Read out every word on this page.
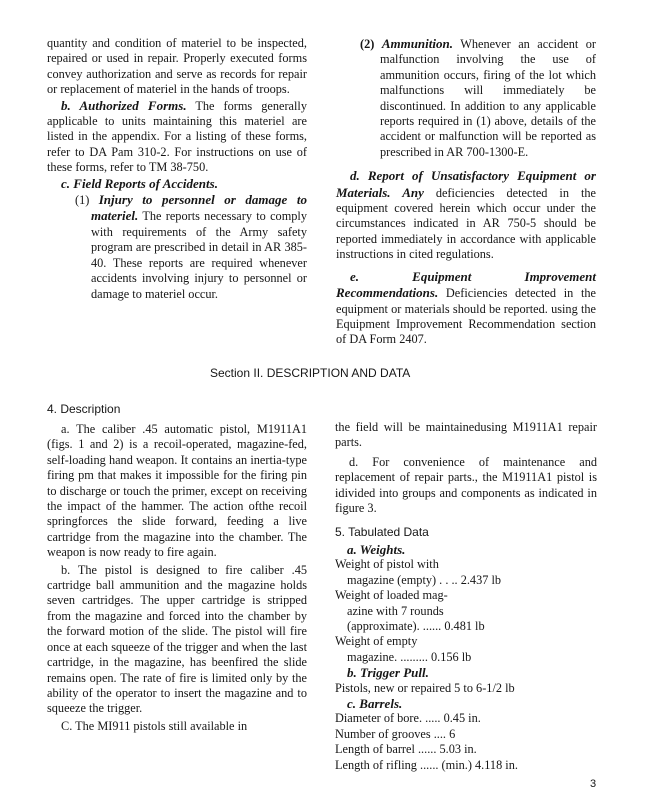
quantity and condition of materiel to be inspected, repaired or used in repair. Properly executed forms convey authorization and serve as records for repair or replacement of materiel in the hands of troops.

b. Authorized Forms. The forms generally applicable to units maintaining this materiel are listed in the appendix. For a listing of these forms, refer to DA Pam 310-2. For instructions on use of these forms, refer to TM 38-750.

c. Field Reports of Accidents.

(1) Injury to personnel or damage to materiel. The reports necessary to comply with requirements of the Army safety program are prescribed in detail in AR 385-40. These reports are required whenever accidents involving injury to personnel or damage to materiel occur.

(2) Ammunition. Whenever an accident or malfunction involving the use of ammunition occurs, firing of the lot which malfunctions will immediately be discontinued. In addition to any applicable reports required in (1) above, details of the accident or malfunction will be reported as prescribed in AR 700-1300-E.

d. Report of Unsatisfactory Equipment or Materials. Any deficiencies detected in the equipment covered herein which occur under the circumstances indicated in AR 750-5 should be reported immediately in accordance with applicable instructions in cited regulations.

e. Equipment Improvement Recommendations. Deficiencies detected in the equipment or materials should be reported. using the Equipment Improvement Recommendation section of DA Form 2407.

Section II. DESCRIPTION AND DATA
4. Description

a. The caliber .45 automatic pistol, M1911A1 (figs. 1 and 2) is a recoil-operated, magazine-fed, self-loading hand weapon. It contains an inertia-type firing pm that makes it impossible for the firing pin to discharge or touch the primer, except on receiving the impact of the hammer. The action ofthe recoil springforces the slide forward, feeding a live cartridge from the magazine into the chamber. The weapon is now ready to fire again.

b. The pistol is designed to fire caliber .45 cartridge ball ammunition and the magazine holds seven cartridges. The upper cartridge is stripped from the magazine and forced into the chamber by the forward motion of the slide. The pistol will fire once at each squeeze of the trigger and when the last cartridge, in the magazine, has beenfired the slide remains open. The rate of fire is limited only by the ability of the operator to insert the magazine and to squeeze the trigger.

C. The MI911 pistols still available in

the field will be maintainedusing M1911A1 repair parts.

d. For convenience of maintenance and replacement of repair parts., the M1911A1 pistol is idivided into groups and components as indicated in figure 3.

5. Tabulated Data

a. Weights.

Weight of pistol with

magazine (empty) . . .. 2.437 lb

Weight of loaded mag-

azine with 7 rounds

(approximate). ...... 0.481 lb

Weight of empty

magazine. ......... 0.156 lb

b. Trigger Pull.

Pistols, new or repaired 5 to 6-1/2 lb

c. Barrels.

Diameter of bore. ..... 0.45 in.

Number of grooves .... 6

Length of barrel ...... 5.03 in.

Length of rifling ...... (min.) 4.118 in.

3
